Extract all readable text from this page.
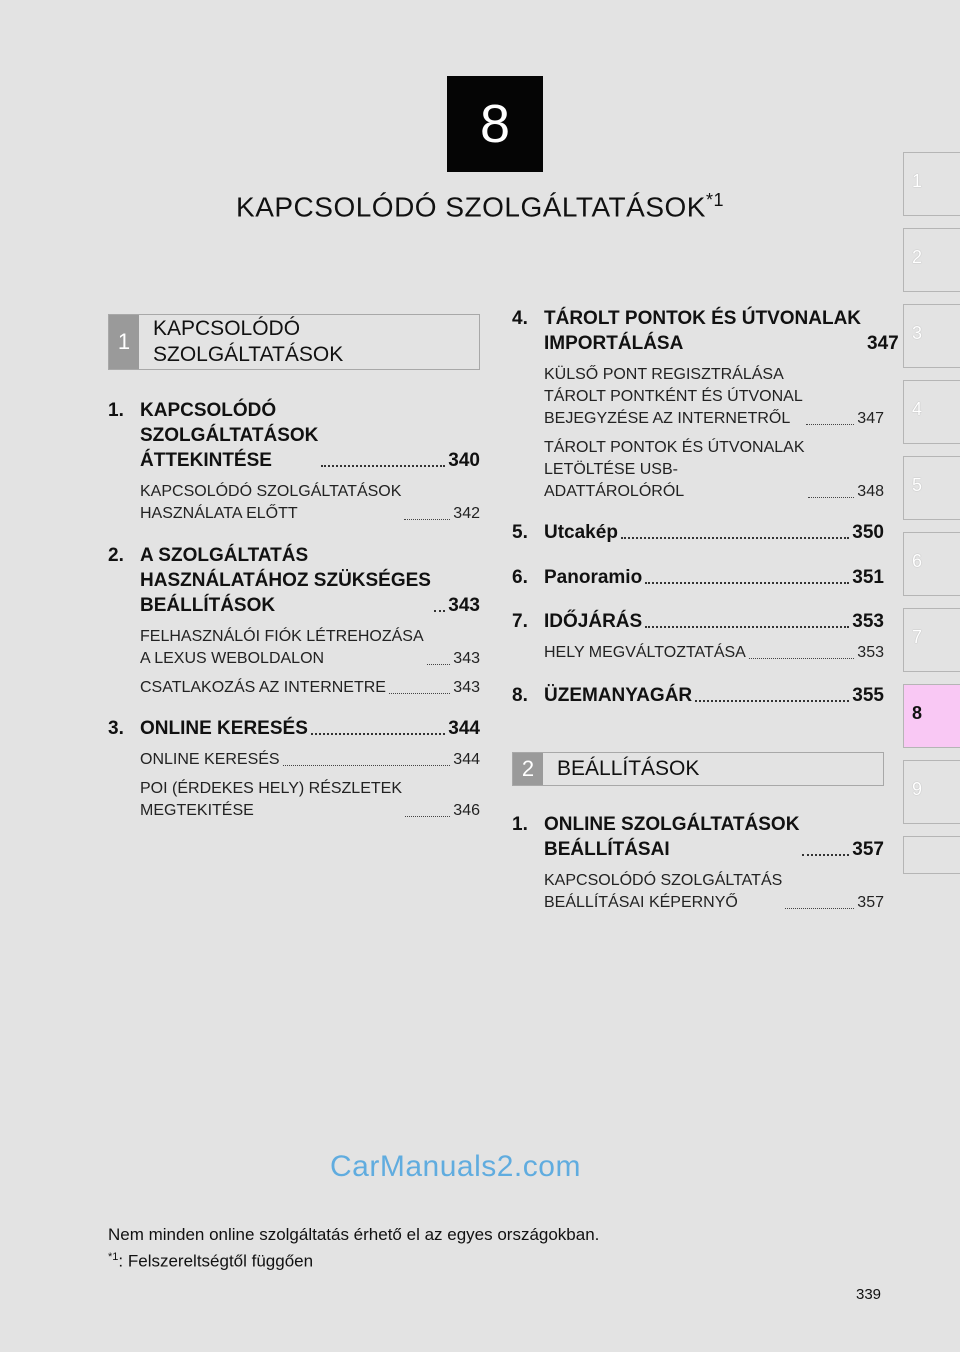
8
KAPCSOLÓDÓ SZOLGÁLTATÁSOK$^{*1}$
1
2
3
4
5
6
7
8
9
1
KAPCSOLÓDÓ
SZOLGÁLTATÁSOK
1. KAPCSOLÓDÓ
SZOLGÁLTATÁSOK
ÁTTEKINTÉSE	340
KAPCSOLÓDÓ SZOLGÁLTATÁSOK
HASZNÁLATA ELŐTT	342
2. A SZOLGÁLTATÁS
HASZNÁLATÁHOZ SZÜKSÉGES
BEÁLLÍTÁSOK	343
FELHASZNÁLÓI FIÓK LÉTREHOZÁSA
A LEXUS WEBOLDALON	343
CSATLAKOZÁS AZ INTERNETRE	343
3. ONLINE KERESÉS	344
ONLINE KERESÉS	344
POI (ÉRDEKES HELY) RÉSZLETEK
MEGTEKITÉSE	346
4. TÁROLT PONTOK ÉS ÚTVONALAK
IMPORTÁLÁSA	347
KÜLSŐ PONT REGISZTRÁLÁSA
TÁROLT PONTKÉNT ÉS ÚTVONAL
BEJEGYZÉSE AZ INTERNETRŐL	347
TÁROLT PONTOK ÉS ÚTVONALAK
LETÖLTÉSE USB-
ADATTÁROLÓRÓL	348
5. Utcakép	350
6. Panoramio	351
7. IDŐJÁRÁS	353
HELY MEGVÁLTOZTATÁSA	353
8. ÜZEMANYAGÁR	355
2	BEÁLLÍTÁSOK
1. ONLINE SZOLGÁLTATÁSOK
BEÁLLÍTÁSAI	357
KAPCSOLÓDÓ SZOLGÁLTATÁS
BEÁLLÍTÁSAI KÉPERNYŐ	357
CarManuals2.com
Nem minden online szolgáltatás érhető el az egyes országokban.
$^{*1}$: Felszereltségtől függően
339
